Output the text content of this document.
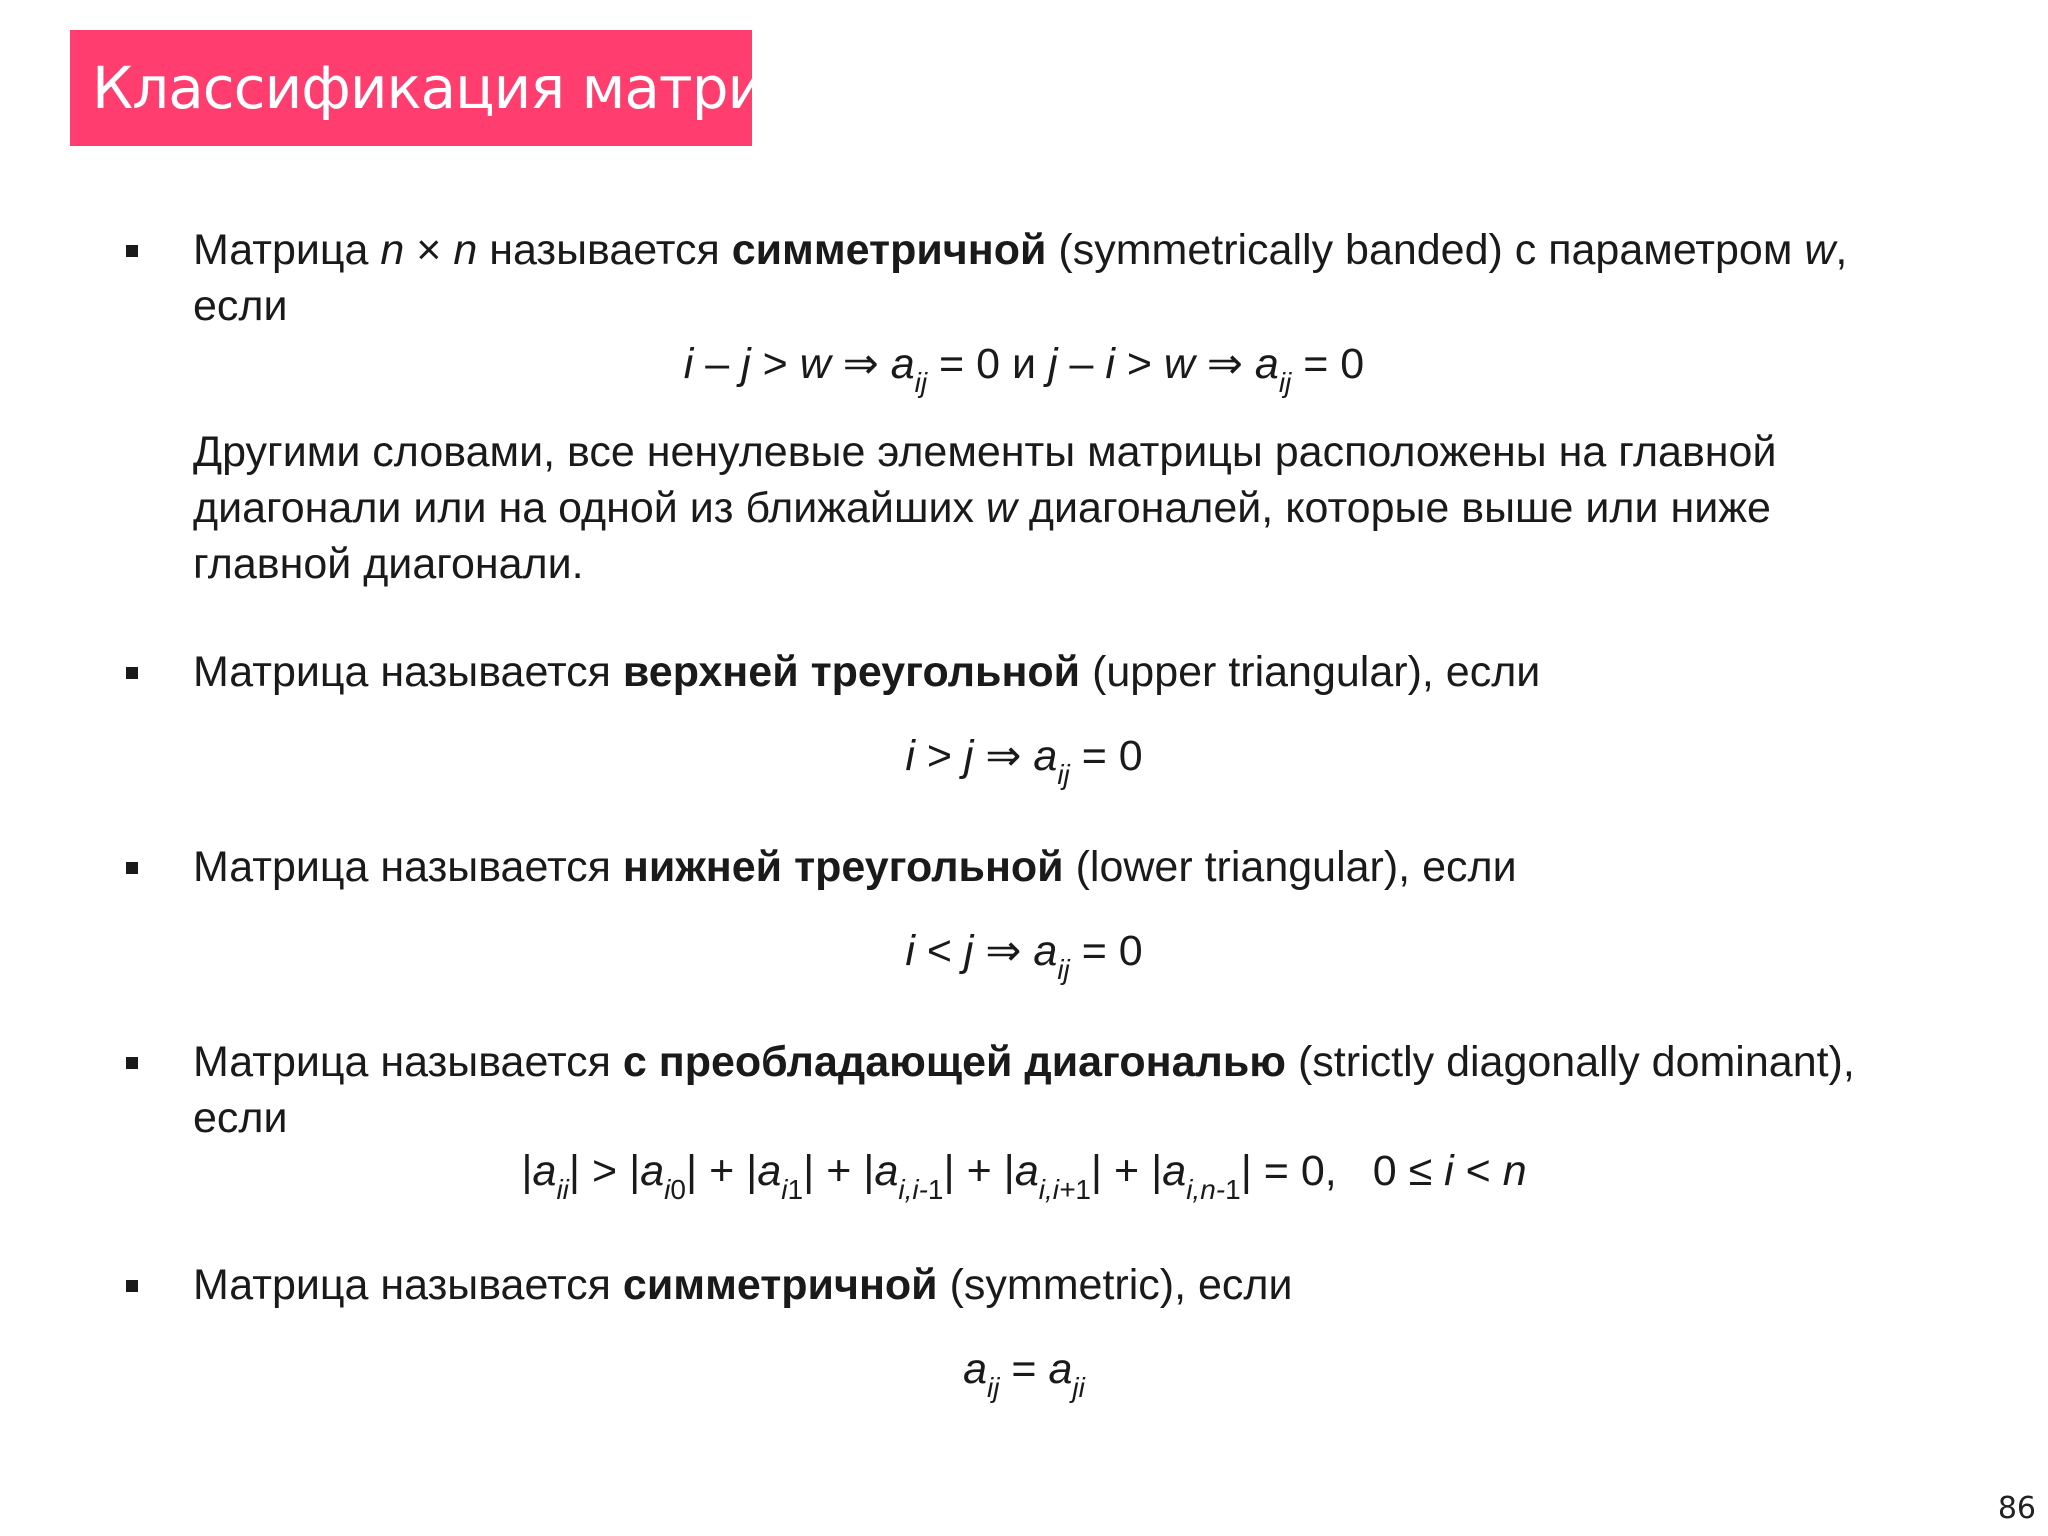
Классификация матриц

Матрица n × n называется симметричной (symmetrically banded) с параметром w,
если

i – j > w ⇒ $a_{ij} = 0$ и j – i > w ⇒ $a_{ij} = 0$

Другими словами, все ненулевые элементы матрицы расположены на главной диагонали или на одной из ближайших w диагоналей, которые выше или ниже главной диагонали.

Матрица называется верхней треугольной (upper triangular), если

i > j ⇒ $a_{ij} = 0$

Матрица называется нижней треугольной (lower triangular), если

i < j ⇒ $a_{ij} = 0$

Матрица называется с преобладающей диагональю (strictly diagonally dominant),
если

$|a_{ii}| > |a_{i0}| + |a_{i1}| + |a_{i,i-1}| + |a_{i,i+1}| + |a_{i,n-1}| = 0$, 0 ≤ i < n

Матрица называется симметричной (symmetric), если

$a_{ij} = a_{ji}$
86
